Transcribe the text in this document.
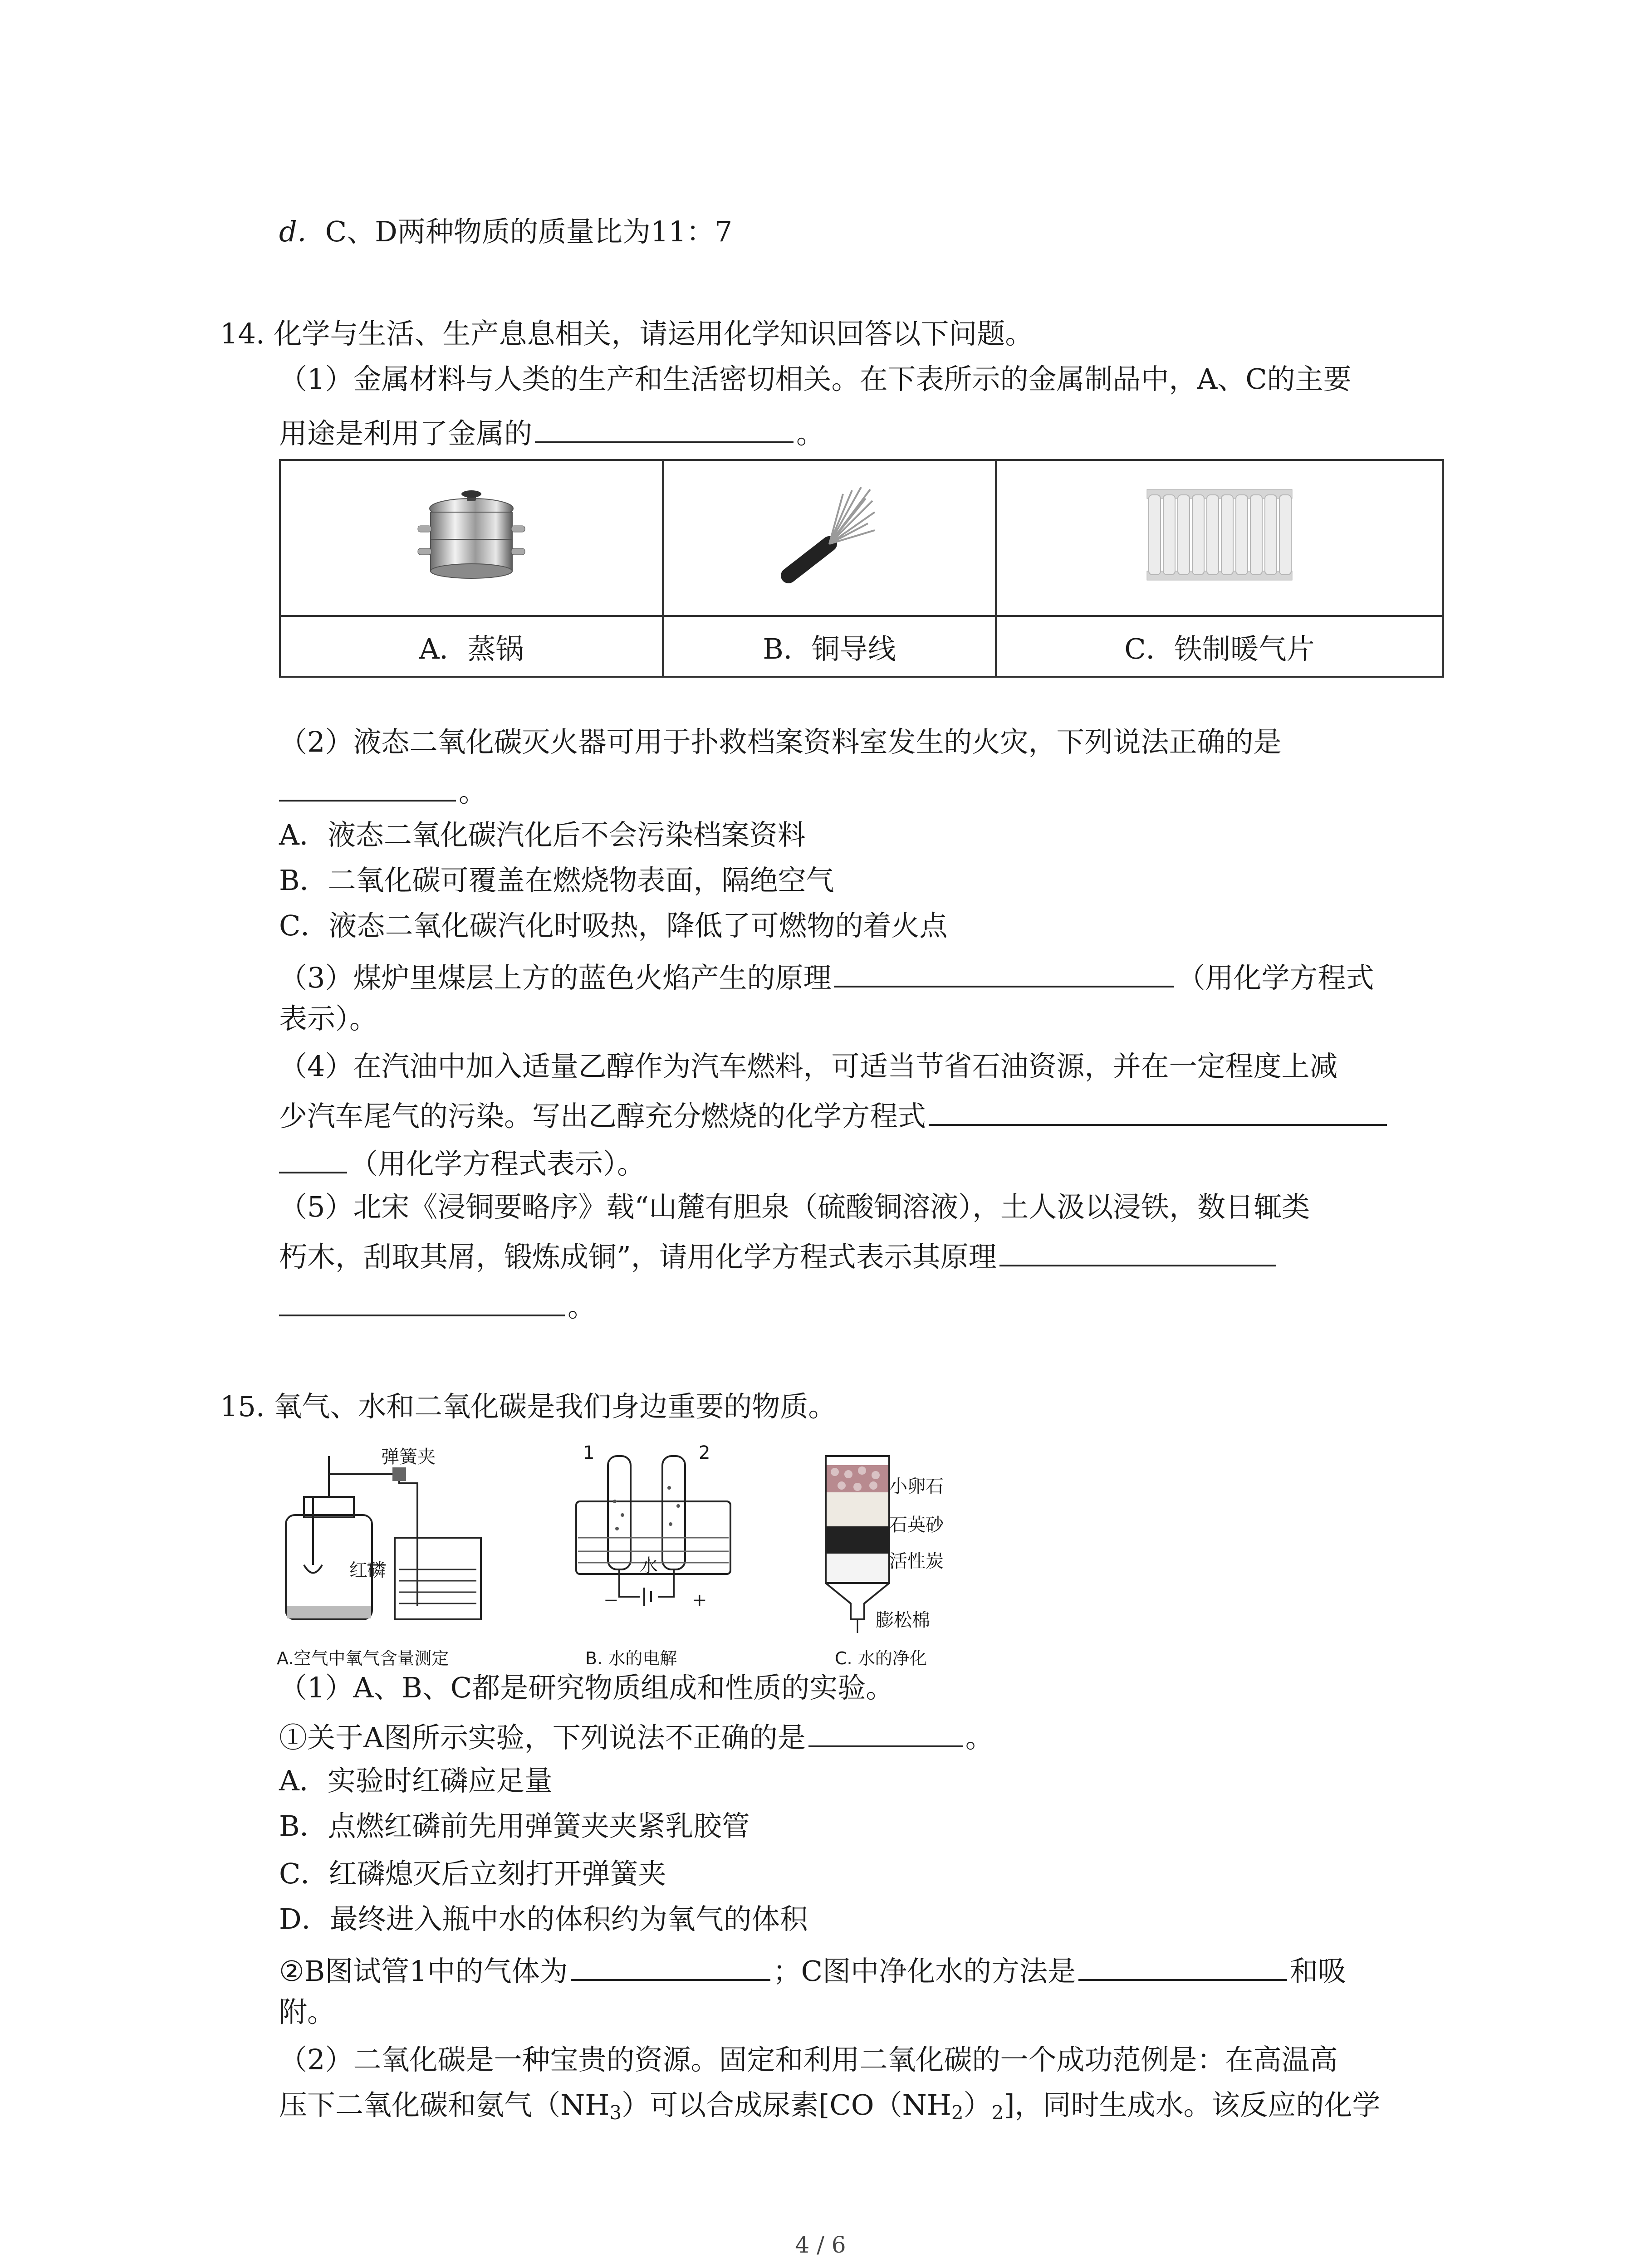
d．C、D两种物质的质量比为11：7
14. 化学与生活、生产息息相关，请运用化学知识回答以下问题。
（1）金属材料与人类的生产和生活密切相关。在下表所示的金属制品中，A、C的主要
用途是利用了金属的	。

A．蒸锅	B．铜导线	C．铁制暖气片
（2）液态二氧化碳灭火器可用于扑救档案资料室发生的火灾，下列说法正确的是
。
A．液态二氧化碳汽化后不会污染档案资料
B．二氧化碳可覆盖在燃烧物表面，隔绝空气
C．液态二氧化碳汽化时吸热，降低了可燃物的着火点
（3）煤炉里煤层上方的蓝色火焰产生的原理	（用化学方程式
表示）。
（4）在汽油中加入适量乙醇作为汽车燃料，可适当节省石油资源，并在一定程度上减
少汽车尾气的污染。写出乙醇充分燃烧的化学方程式
（用化学方程式表示）。
（5）北宋《浸铜要略序》载“山麓有胆泉（硫酸铜溶液），土人汲以浸铁，数日辄类
朽木，刮取其屑，锻炼成铜”，请用化学方程式表示其原理
。
15. 氧气、水和二氧化碳是我们身边重要的物质。
弹簧夹
红磷
A.空气中氧气含量测定
1	2
水
−	+
B. 水的电解
小卵石
石英砂
活性炭
膨松棉
C. 水的净化
（1）A、B、C都是研究物质组成和性质的实验。
①关于A图所示实验，下列说法不正确的是	。
A．实验时红磷应足量
B．点燃红磷前先用弹簧夹夹紧乳胶管
C．红磷熄灭后立刻打开弹簧夹
D．最终进入瓶中水的体积约为氧气的体积
②B图试管1中的气体为	；C图中净化水的方法是	和吸
附。
（2）二氧化碳是一种宝贵的资源。固定和利用二氧化碳的一个成功范例是：在高温高
压下二氧化碳和氨气$(NH_3)$可以合成尿素$[CO(NH_2)_2]$，同时生成水。该反应的化学
4 / 6
